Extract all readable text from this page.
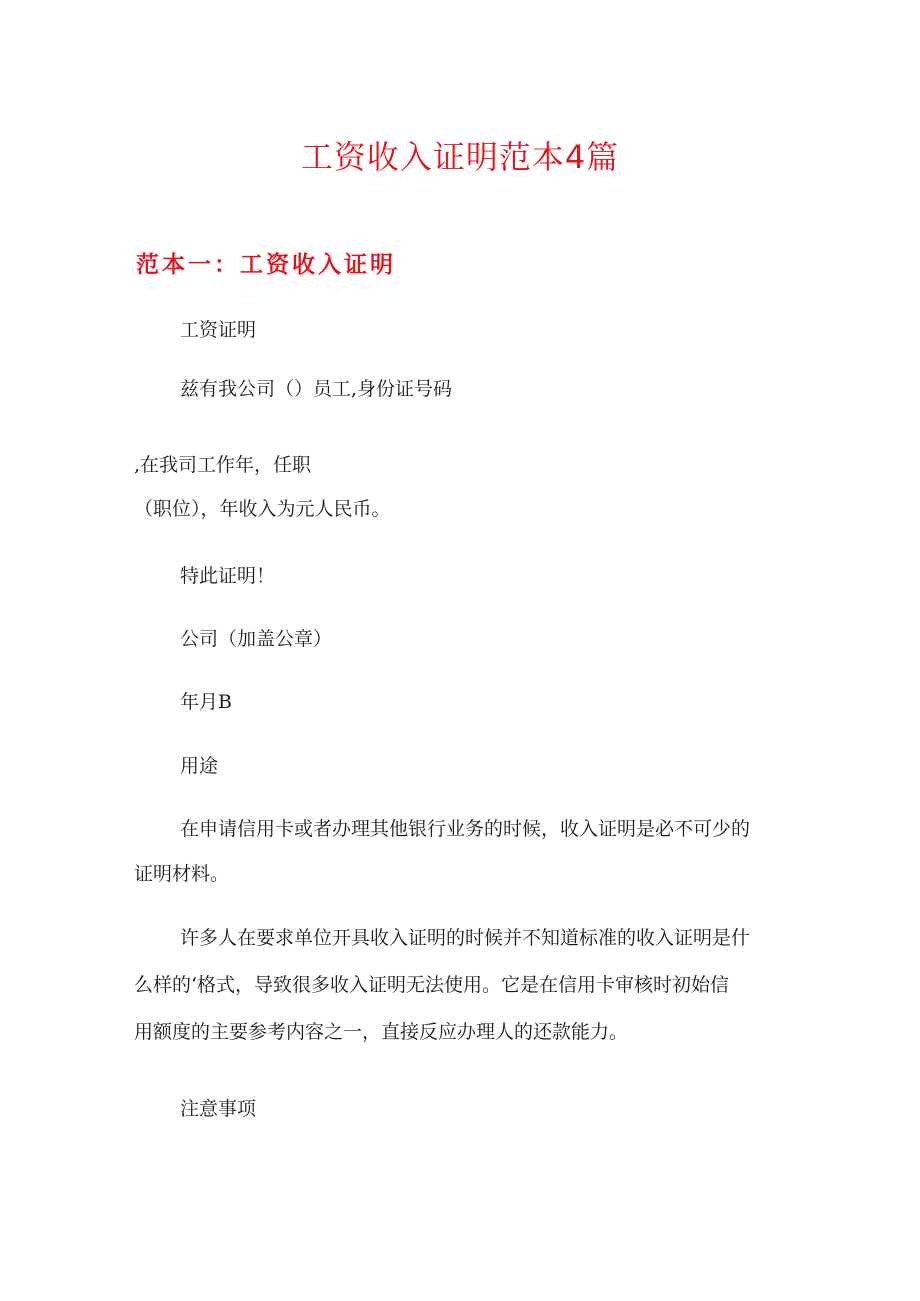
工资收入证明范本4篇
范本一：工资收入证明

工资证明

兹有我公司（）员工,身份证号码

,在我司工作年，任职

（职位），年收入为元人民币。

特此证明！

公司（加盖公章）

年月B

用途

在申请信用卡或者办理其他银行业务的时候，收入证明是必不可少的

证明材料。

许多人在要求单位开具收入证明的时候并不知道标准的收入证明是什

么样的‘格式，导致很多收入证明无法使用。它是在信用卡审核时初始信

用额度的主要参考内容之一，直接反应办理人的还款能力。

注意事项
